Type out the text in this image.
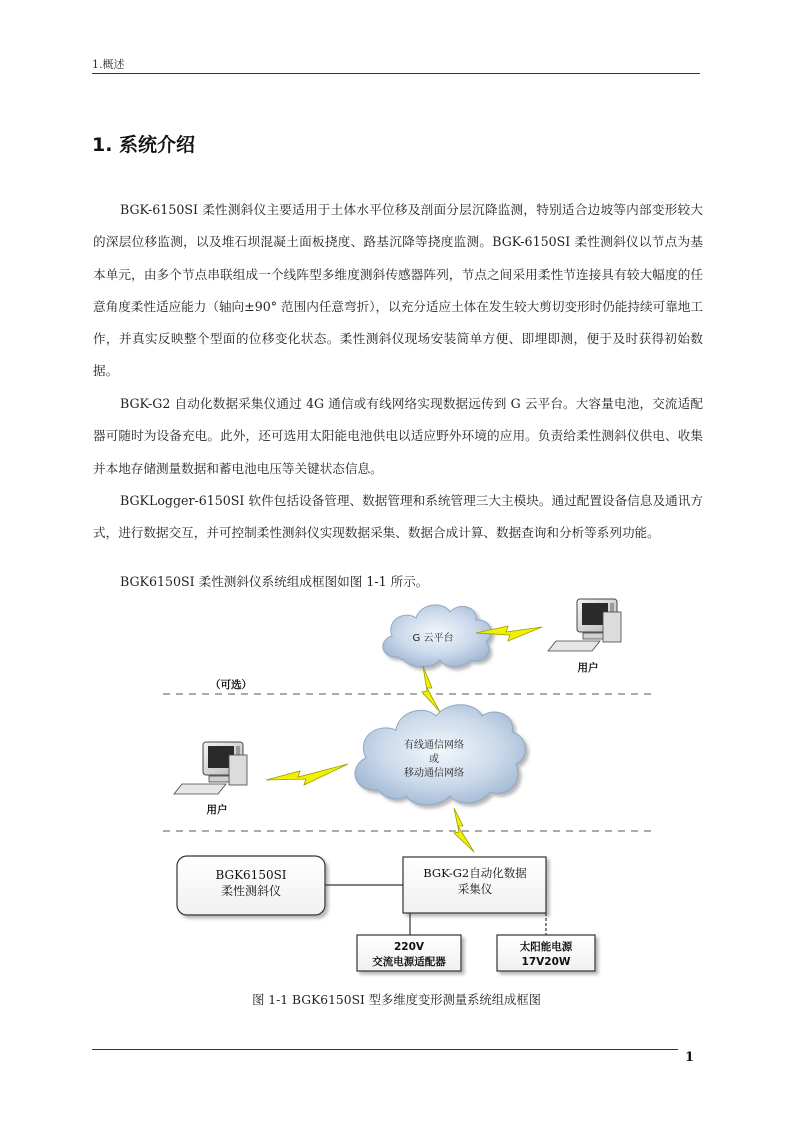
1.概述
1. 系统介绍

BGK-6150SI 柔性测斜仪主要适用于土体水平位移及剖面分层沉降监测，特别适合边坡等内部变形较大的深层位移监测，以及堆石坝混凝土面板挠度、路基沉降等挠度监测。BGK-6150SI 柔性测斜仪以节点为基本单元，由多个节点串联组成一个线阵型多维度测斜传感器阵列，节点之间采用柔性节连接具有较大幅度的任意角度柔性适应能力（轴向±90° 范围内任意弯折），以充分适应土体在发生较大剪切变形时仍能持续可靠地工作，并真实反映整个型面的位移变化状态。柔性测斜仪现场安装简单方便、即埋即测，便于及时获得初始数据。

BGK-G2 自动化数据采集仪通过 4G 通信或有线网络实现数据远传到 G 云平台。大容量电池，交流适配器可随时为设备充电。此外，还可选用太阳能电池供电以适应野外环境的应用。负责给柔性测斜仪供电、收集并本地存储测量数据和蓄电池电压等关键状态信息。

BGKLogger-6150SI 软件包括设备管理、数据管理和系统管理三大主模块。通过配置设备信息及通讯方式，进行数据交互，并可控制柔性测斜仪实现数据采集、数据合成计算、数据查询和分析等系列功能。

BGK6150SI 柔性测斜仪系统组成框图如图 1-1 所示。

G 云平台
有线通信网络
或
移动通信网络
用户
（可选）
用户
BGK6150SI
柔性测斜仪
BGK-G2自动化数据
采集仪
220V
交流电源适配器
太阳能电源
17V20W
图 1-1 BGK6150SI 型多维度变形测量系统组成框图
1
